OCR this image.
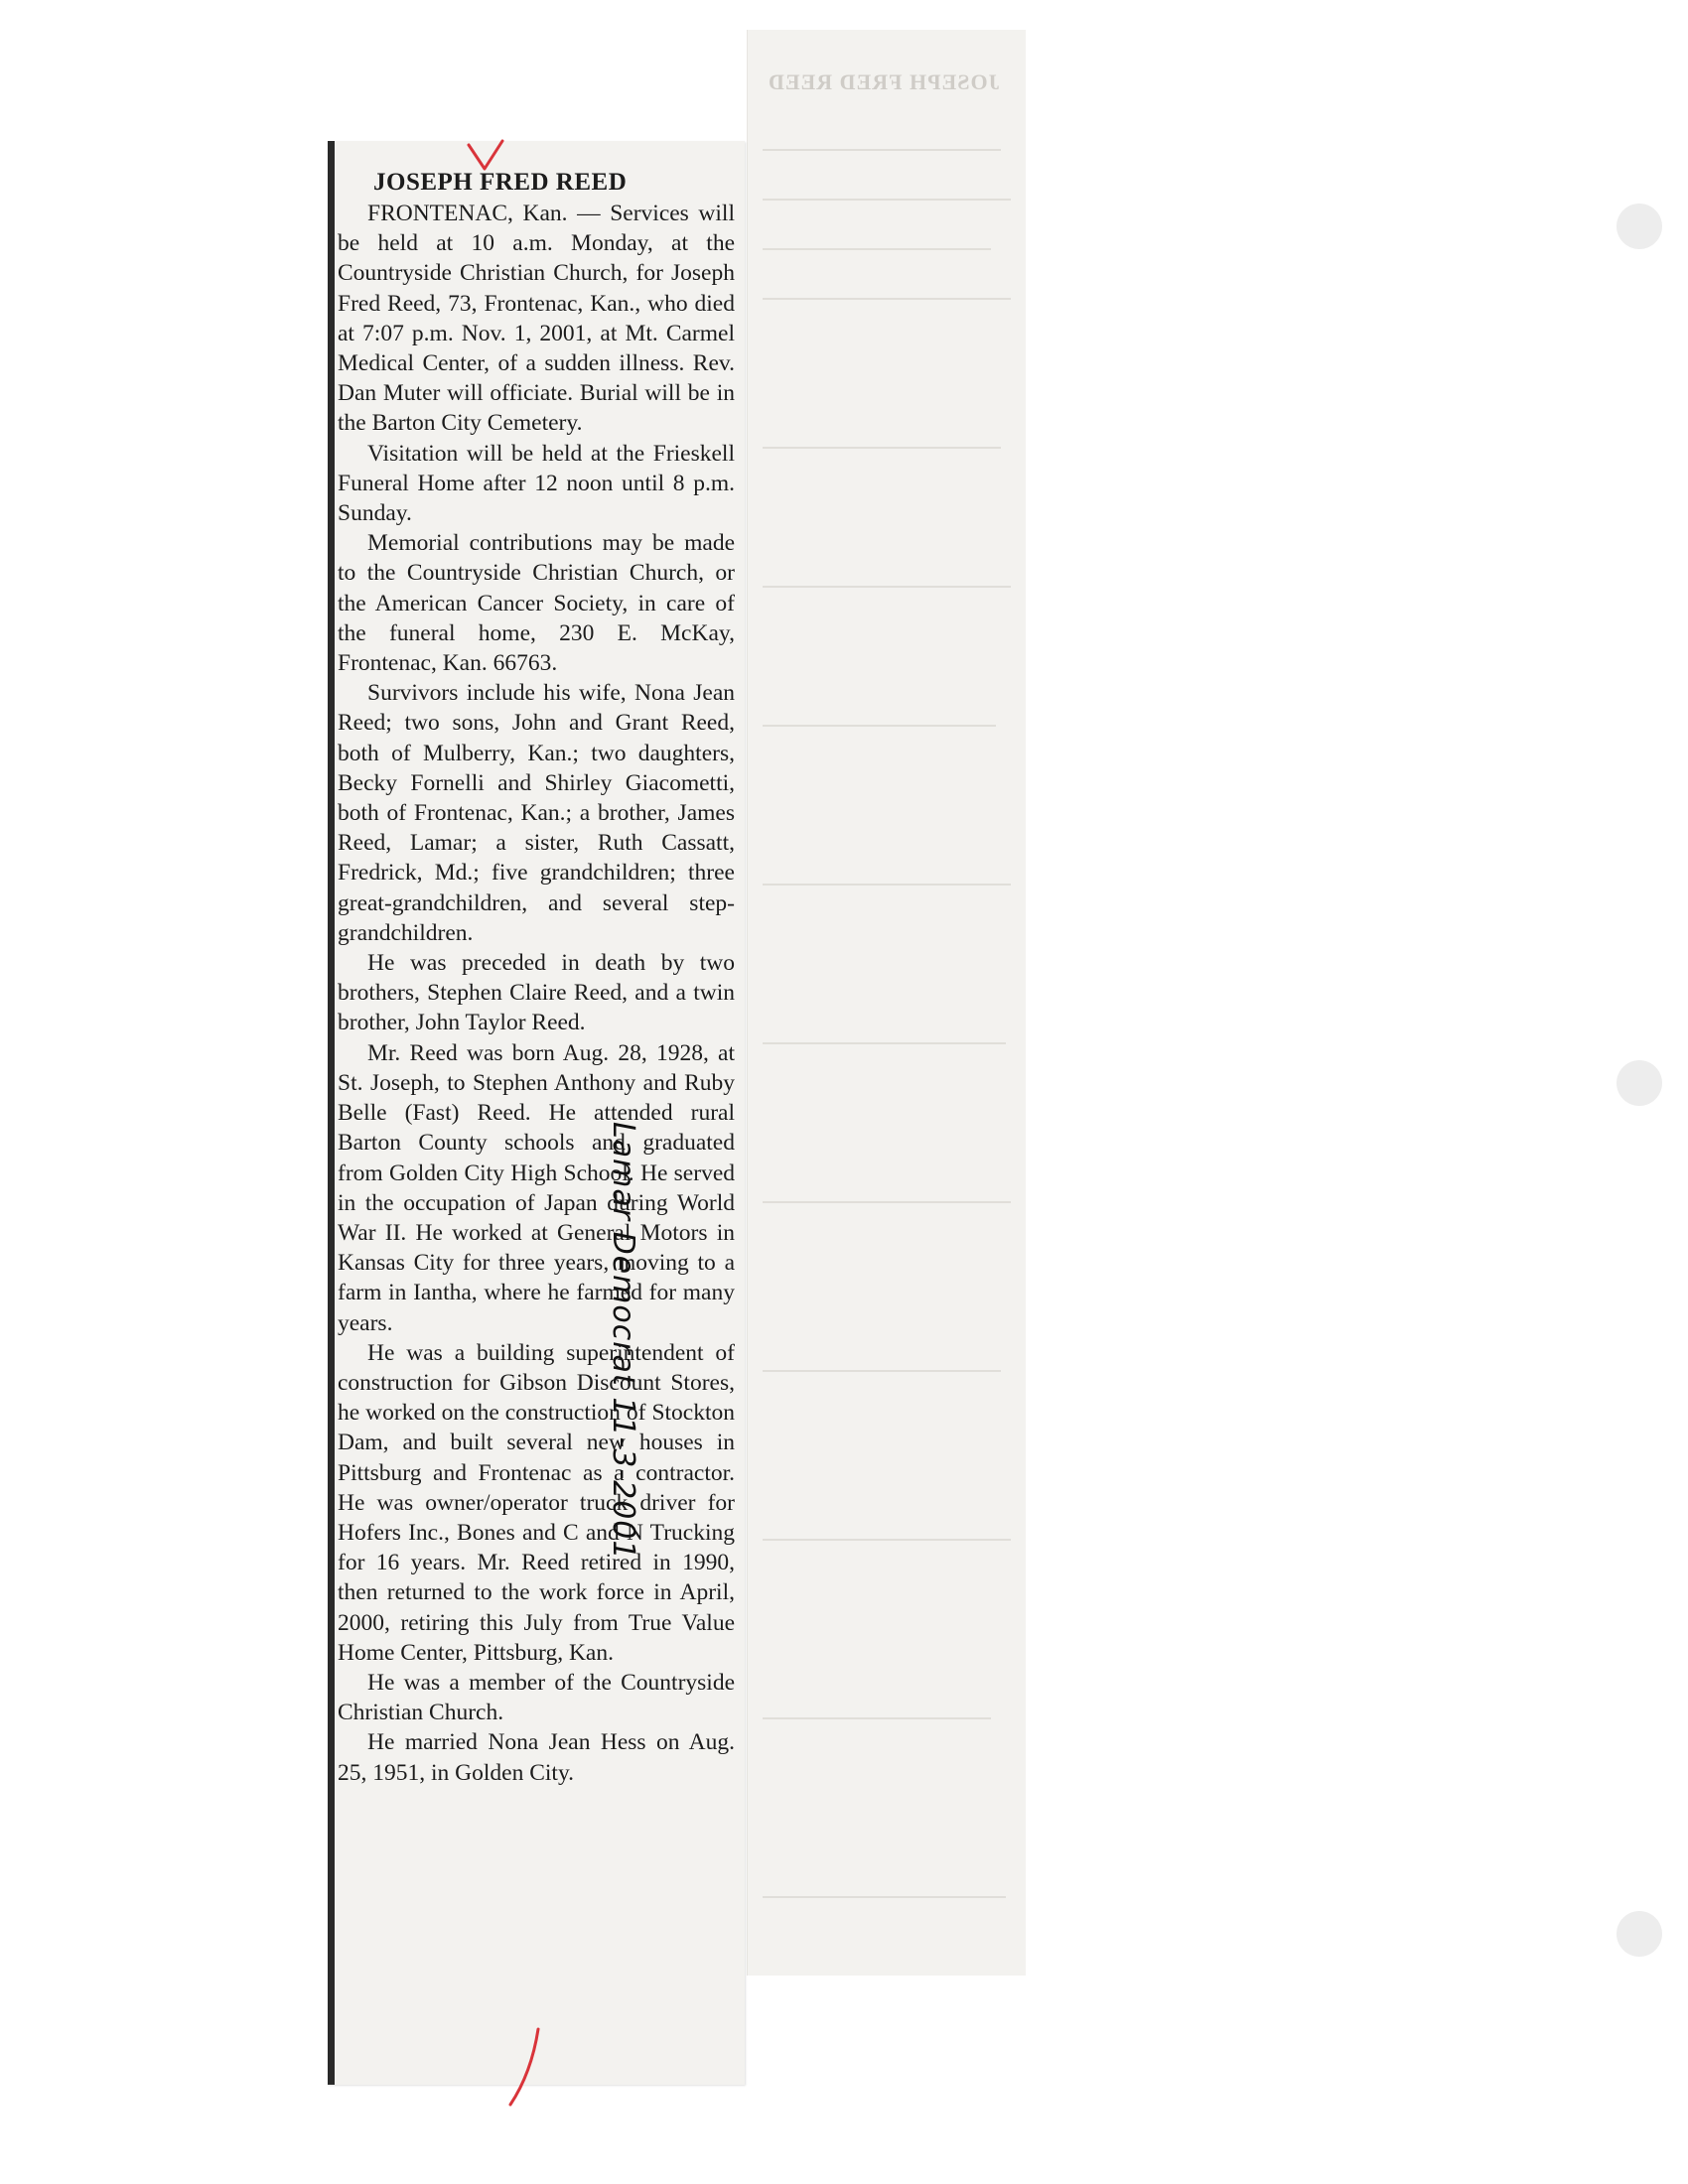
JOSEPH FRED REED
JOSEPH FRED REED

FRONTENAC, Kan. — Services will be held at 10 a.m. Monday, at the Countryside Christian Church, for Joseph Fred Reed, 73, Frontenac, Kan., who died at 7:07 p.m. Nov. 1, 2001, at Mt. Carmel Medical Center, of a sudden illness. Rev. Dan Muter will officiate. Burial will be in the Barton City Cemetery.

Visitation will be held at the Frieskell Funeral Home after 12 noon until 8 p.m. Sunday.

Memorial contributions may be made to the Countryside Christian Church, or the American Cancer Society, in care of the funeral home, 230 E. McKay, Frontenac, Kan. 66763.

Survivors include his wife, Nona Jean Reed; two sons, John and Grant Reed, both of Mulberry, Kan.; two daughters, Becky Fornelli and Shirley Giacometti, both of Frontenac, Kan.; a brother, James Reed, Lamar; a sister, Ruth Cassatt, Fredrick, Md.; five grandchildren; three great-grandchildren, and several step-grandchildren.

He was preceded in death by two brothers, Stephen Claire Reed, and a twin brother, John Taylor Reed.

Mr. Reed was born Aug. 28, 1928, at St. Joseph, to Stephen Anthony and Ruby Belle (Fast) Reed. He attended rural Barton County schools and graduated from Golden City High School. He served in the occupation of Japan during World War II. He worked at General Motors in Kansas City for three years, moving to a farm in Iantha, where he farmed for many years.

He was a building superintendent of construction for Gibson Discount Stores, he worked on the construction of Stockton Dam, and built several new houses in Pittsburg and Frontenac as a contractor. He was owner/operator truck driver for Hofers Inc., Bones and C and N Trucking for 16 years. Mr. Reed retired in 1990, then returned to the work force in April, 2000, retiring this July from True Value Home Center, Pittsburg, Kan.

He was a member of the Countryside Christian Church.

He married Nona Jean Hess on Aug. 25, 1951, in Golden City.

Lamar Democrat 11-3-2001
